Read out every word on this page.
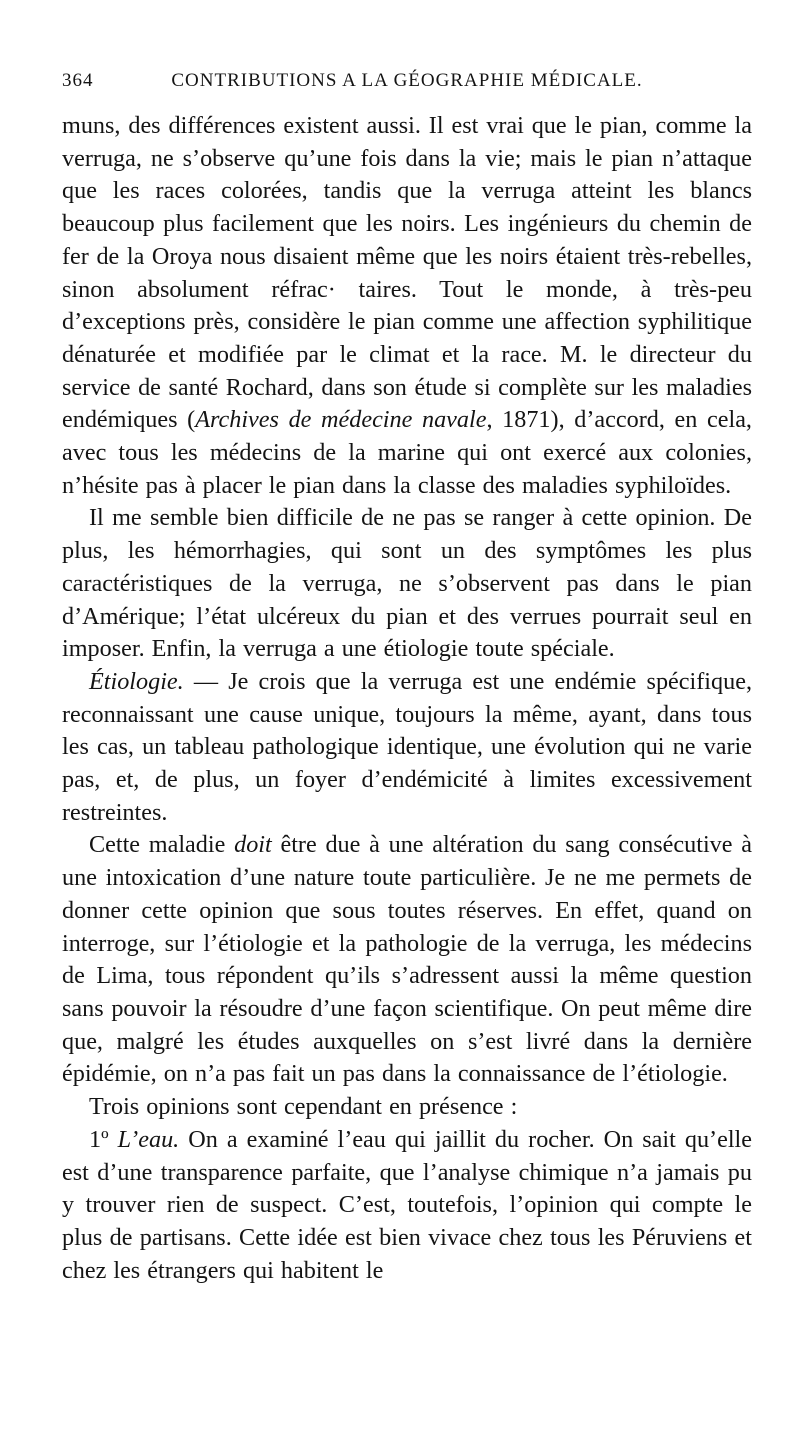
364	CONTRIBUTIONS A LA GÉOGRAPHIE MÉDICALE.

muns, des différences existent aussi. Il est vrai que le pian, comme la verruga, ne s’observe qu’une fois dans la vie; mais le pian n’attaque que les races colorées, tandis que la verruga atteint les blancs beaucoup plus facilement que les noirs. Les ingénieurs du chemin de fer de la Oroya nous disaient même que les noirs étaient très-rebelles, sinon absolument réfrac· taires. Tout le monde, à très-peu d’exceptions près, considère le pian comme une affection syphilitique dénaturée et modifiée par le climat et la race. M. le directeur du service de santé Rochard, dans son étude si complète sur les maladies endémiques (Archives de médecine navale, 1871), d’accord, en cela, avec tous les médecins de la marine qui ont exercé aux colonies, n’hésite pas à placer le pian dans la classe des maladies syphiloïdes.

Il me semble bien difficile de ne pas se ranger à cette opinion. De plus, les hémorrhagies, qui sont un des symptômes les plus caractéristiques de la verruga, ne s’observent pas dans le pian d’Amérique; l’état ulcéreux du pian et des verrues pourrait seul en imposer. Enfin, la verruga a une étiologie toute spéciale.

Étiologie. — Je crois que la verruga est une endémie spécifique, reconnaissant une cause unique, toujours la même, ayant, dans tous les cas, un tableau pathologique identique, une évolution qui ne varie pas, et, de plus, un foyer d’endémicité à limites excessivement restreintes.

Cette maladie doit être due à une altération du sang consécutive à une intoxication d’une nature toute particulière. Je ne me permets de donner cette opinion que sous toutes réserves. En effet, quand on interroge, sur l’étiologie et la pathologie de la verruga, les médecins de Lima, tous répondent qu’ils s’adressent aussi la même question sans pouvoir la résoudre d’une façon scientifique. On peut même dire que, malgré les études auxquelles on s’est livré dans la dernière épidémie, on n’a pas fait un pas dans la connaissance de l’étiologie.

Trois opinions sont cependant en présence :

1º L’eau. On a examiné l’eau qui jaillit du rocher. On sait qu’elle est d’une transparence parfaite, que l’analyse chimique n’a jamais pu y trouver rien de suspect. C’est, toutefois, l’opinion qui compte le plus de partisans. Cette idée est bien vivace chez tous les Péruviens et chez les étrangers qui habitent le
